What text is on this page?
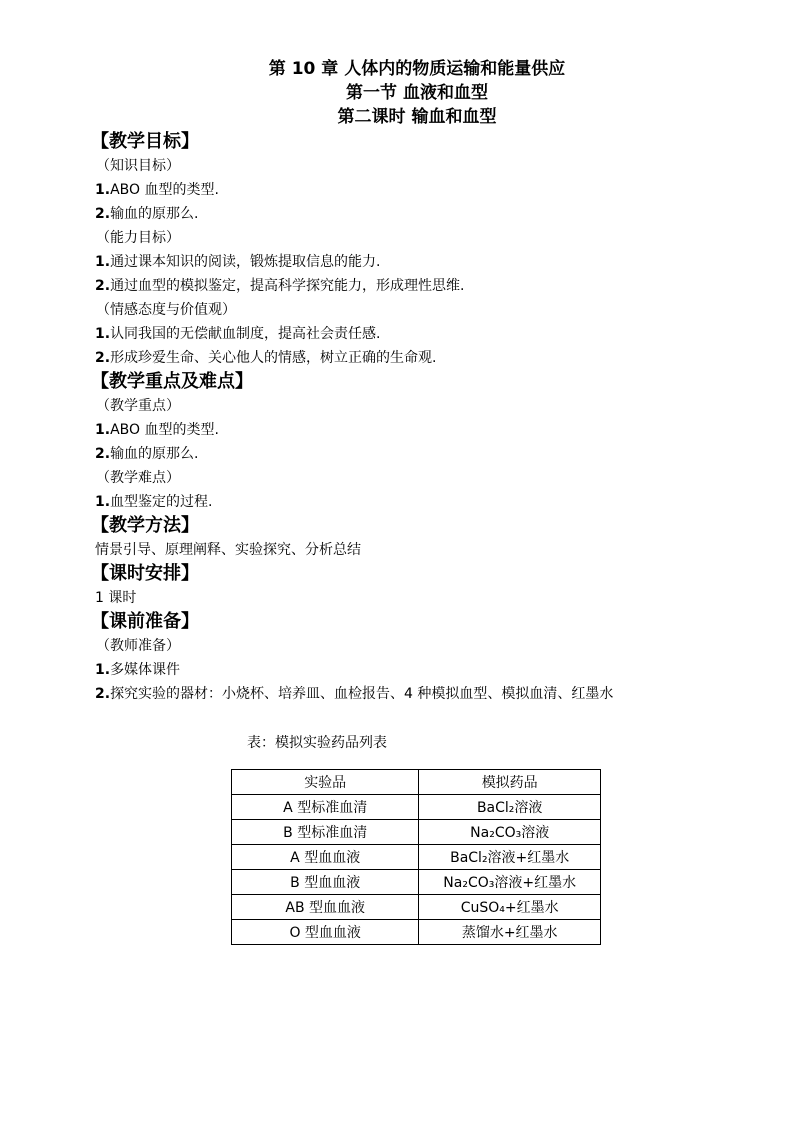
第 10 章 人体内的物质运输和能量供应
第一节 血液和血型
第二课时 输血和血型
【教学目标】
（知识目标）
1.ABO 血型的类型.
2.输血的原那么.
（能力目标）
1.通过课本知识的阅读，锻炼提取信息的能力.
2.通过血型的模拟鉴定，提高科学探究能力，形成理性思维.
（情感态度与价值观）
1.认同我国的无偿献血制度，提高社会责任感.
2.形成珍爱生命、关心他人的情感，树立正确的生命观.
【教学重点及难点】
（教学重点）
1.ABO 血型的类型.
2.输血的原那么.
（教学难点）
1.血型鉴定的过程.
【教学方法】
情景引导、原理阐释、实验探究、分析总结
【课时安排】
1 课时
【课前准备】
（教师准备）
1.多媒体课件
2.探究实验的器材：小烧杯、培养皿、血检报告、4 种模拟血型、模拟血清、红墨水
表：模拟实验药品列表
实验品	模拟药品
A 型标准血清	BaCl₂溶液
B 型标准血清	Na₂CO₃溶液
A 型血血液	BaCl₂溶液+红墨水
B 型血血液	Na₂CO₃溶液+红墨水
AB 型血血液	CuSO₄+红墨水
O 型血血液	蒸馏水+红墨水
